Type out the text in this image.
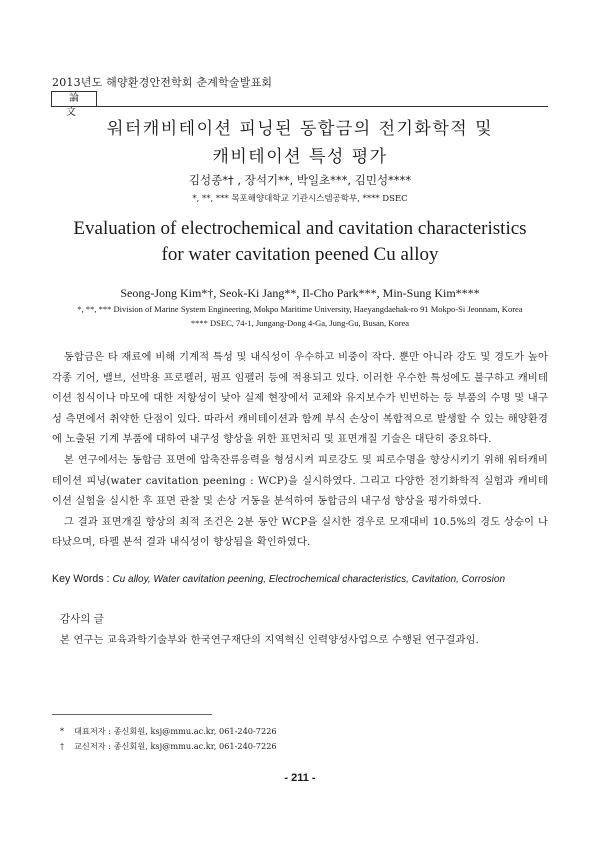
2013년도 해양환경안전학회 춘계학술발표회
論 文
워터캐비테이션 피닝된 동합금의 전기화학적 및
캐비테이션 특성 평가
김성종*† , 장석기**, 박일초***, 김민성****
*, **, *** 목포해양대학교 기관시스템공학부, **** DSEC
Evaluation of electrochemical and cavitation characteristics
for water cavitation peened Cu alloy
Seong-Jong Kim*†, Seok-Ki Jang**, Il-Cho Park***, Min-Sung Kim****
*, **, *** Division of Marine System Engineering, Mokpo Maritime University, Haeyangdaehak-ro 91 Mokpo-Si Jeonnam, Korea
**** DSEC, 74-1, Jungang-Dong 4-Ga, Jung-Gu, Busan, Korea

동합금은 타 재료에 비해 기계적 특성 및 내식성이 우수하고 비중이 작다. 뿐만 아니라 강도 및 경도가 높아 각종 기어, 밸브, 선박용 프로펠러, 펌프 임펠러 등에 적용되고 있다. 이러한 우수한 특성에도 불구하고 캐비테이션 침식이나 마모에 대한 저항성이 낮아 실제 현장에서 교체와 유지보수가 빈번하는 등 부품의 수명 및 내구성 측면에서 취약한 단점이 있다. 따라서 캐비테이션과 함께 부식 손상이 복합적으로 발생할 수 있는 해양환경에 노출된 기계 부품에 대하여 내구성 향상을 위한 표면처리 및 표면개질 기술은 대단히 중요하다.

본 연구에서는 동합금 표면에 압축잔류응력을 형성시켜 피로강도 및 피로수명을 향상시키기 위해 워터캐비테이션 피닝(water cavitation peening : WCP)을 실시하였다. 그리고 다양한 전기화학적 실험과 캐비테이션 실험을 실시한 후 표면 관찰 및 손상 거동을 분석하여 동합금의 내구성 향상을 평가하였다.

그 결과 표면개질 향상의 최적 조건은 2분 동안 WCP을 실시한 경우로 모재대비 10.5%의 경도 상승이 나타났으며, 타펠 분석 결과 내식성이 향상됨을 확인하였다.

Key Words : Cu alloy, Water cavitation peening, Electrochemical characteristics, Cavitation, Corrosion
감사의 글
본 연구는 교육과학기술부와 한국연구재단의 지역혁신 인력양성사업으로 수행된 연구결과임.
* 대표저자 : 종신회원, ksj@mmu.ac.kr, 061-240-7226
† 교신저자 : 종신회원, ksj@mmu.ac.kr, 061-240-7226
- 211 -
